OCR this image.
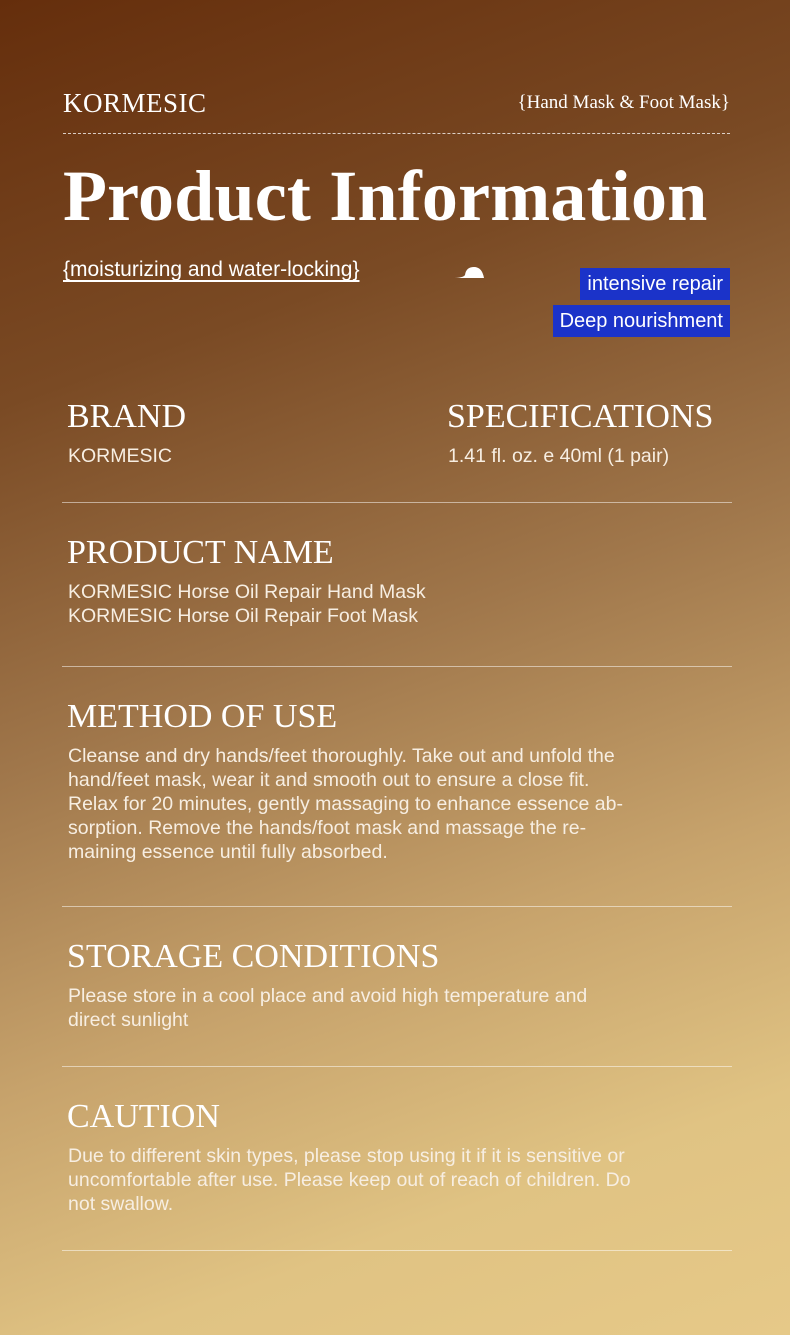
KORMESIC	{Hand Mask & Foot Mask}
Product Information
{moisturizing and water-locking}
intensive repair
Deep nourishment
BRAND
KORMESIC
SPECIFICATIONS
1.41 fl. oz. e 40ml (1 pair)
PRODUCT NAME
KORMESIC Horse Oil Repair Hand Mask
KORMESIC Horse Oil Repair Foot Mask
METHOD OF USE
Cleanse and dry hands/feet thoroughly. Take out and unfold the
hand/feet mask, wear it and smooth out to ensure a close fit.
Relax for 20 minutes, gently massaging to enhance essence ab-
sorption. Remove the hands/foot mask and massage the re-
maining essence until fully absorbed.
STORAGE CONDITIONS
Please store in a cool place and avoid high temperature and
direct sunlight
CAUTION
Due to different skin types, please stop using it if it is sensitive or
uncomfortable after use. Please keep out of reach of children. Do
not swallow.
